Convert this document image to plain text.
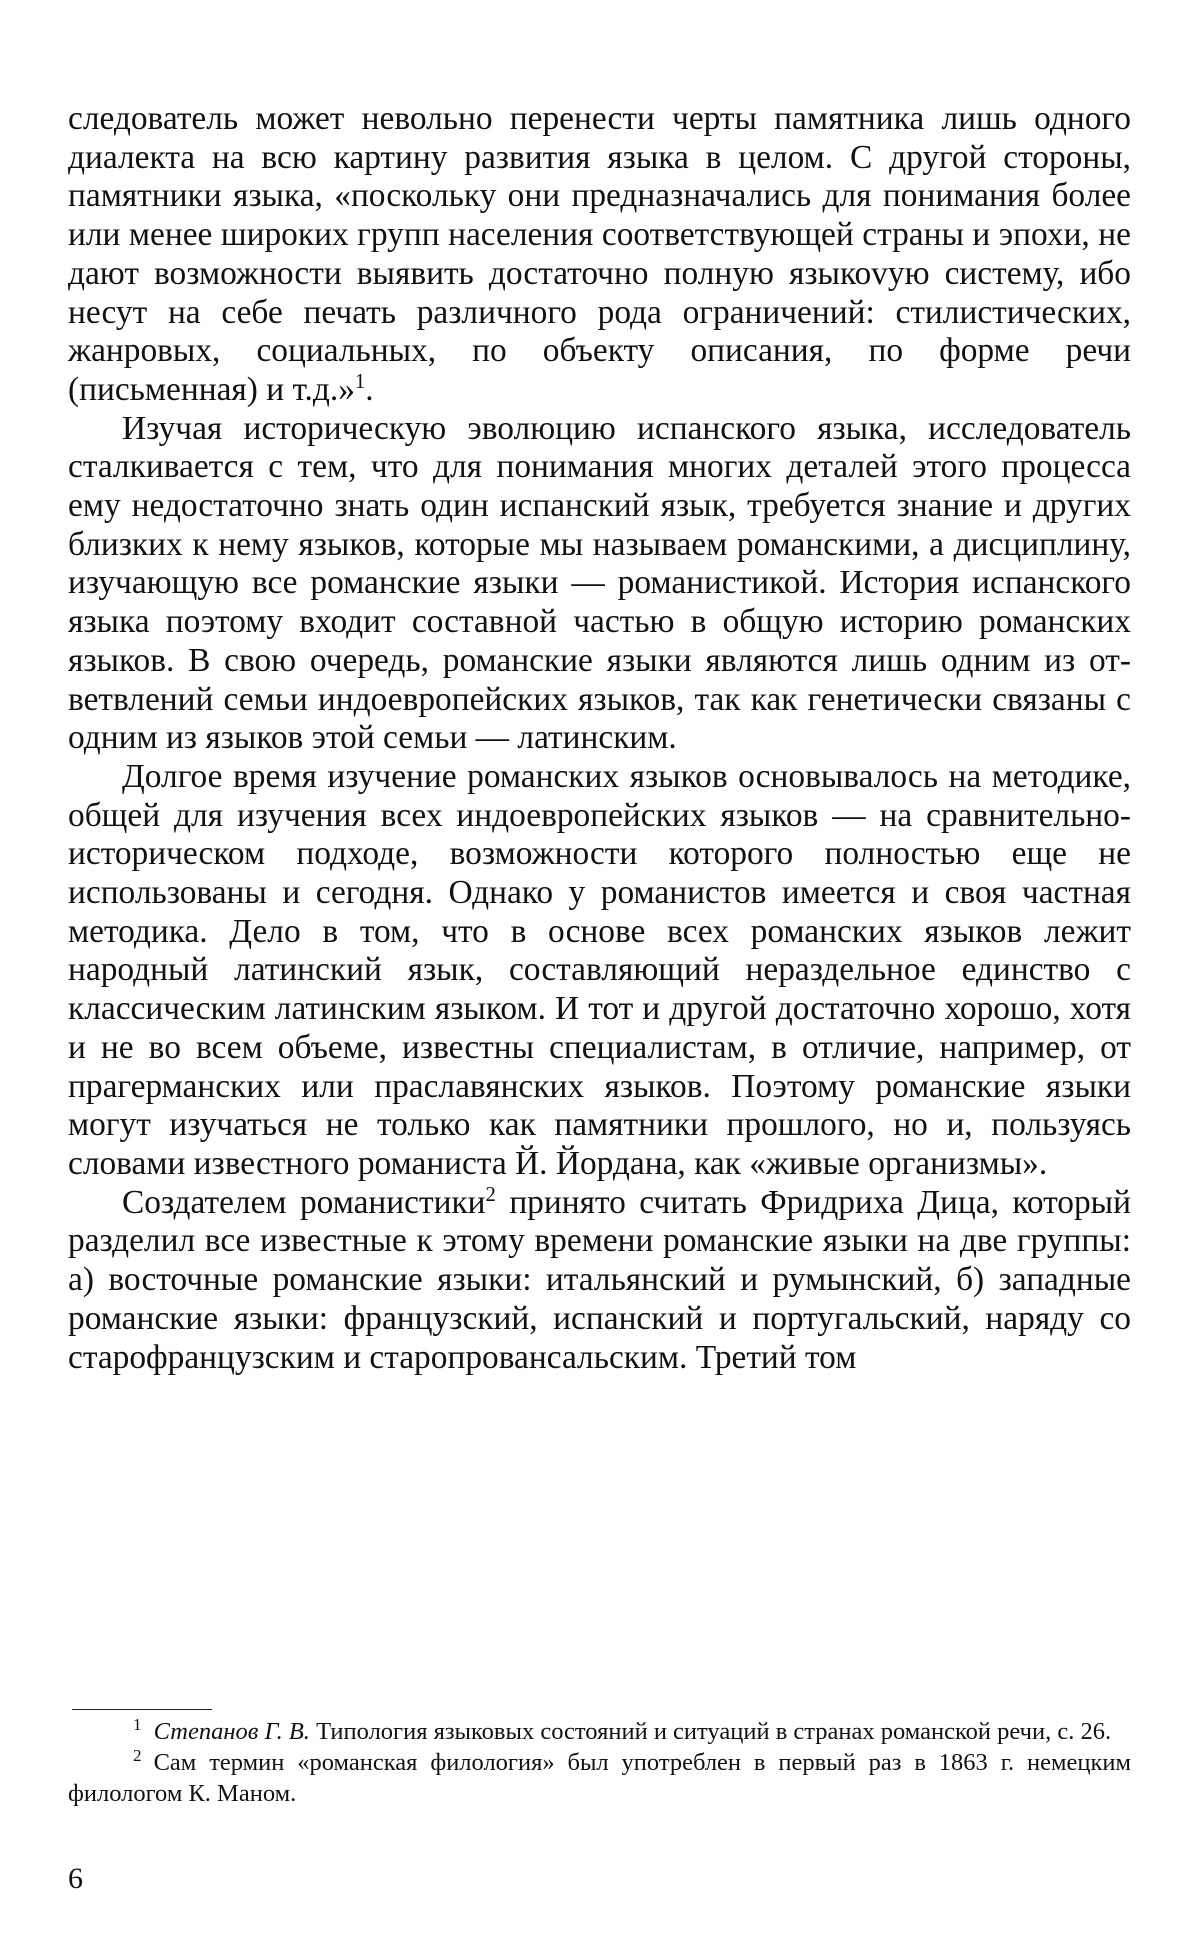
следователь может невольно перенести черты памятника лишь одного диалекта на всю картину развития языка в целом. С другой стороны, памятники языка, «поскольку они предназначались для понимания более или менее широких групп населения соответствующей страны и эпохи, не дают возможности выявить достаточно полную языкоvую систему, ибо несут на себе печать различного рода ограничений: стилистических, жанровых, социальных, по объекту описания, по форме речи (письменная) и т.д.»$^1$.

Изучая историческую эволюцию испанского языка, исследователь сталкивается с тем, что для понимания многих деталей этого процесса ему недостаточно знать один испанский язык, требуется знание и других близких к нему языков, которые мы называем романскими, а дисциплину, изучающую все романские языки — романистикой. История испанского языка поэтому входит составной частью в общую историю романских языков. В свою очередь, романские языки являются лишь одним из ответвлений семьи индоевропейских языков, так как генетически связаны с одним из языков этой семьи — латинским.

Долгое время изучение романских языков основывалось на методике, общей для изучения всех индоевропейских языков — на сравнительно-историческом подходе, возможности которого полностью еще не использованы и сегодня. Однако у романистов имеется и своя частная методика. Дело в том, что в основе всех романских языков лежит народный латинский язык, составляющий нераздельное единство с классическим латинским языком. И тот и другой достаточно хорошо, хотя и не во всем объеме, известны специалистам, в отличие, например, от прагерманских или праславянских языков. Поэтому романские языки могут изучаться не только как памятники прошлого, но и, пользуясь словами известного романиста Й. Йордана, как «живые организмы».

Создателем романистики$^2$ принято считать Фридриха Дица, который разделил все известные к этому времени романские языки на две группы: а) восточные романские языки: итальянский и румынский, б) западные романские языки: французский, испанский и португальский, наряду со старофранцузским и старопровансальским. Третий том

$^1$ Степанов Г. В. Типология языковых состояний и ситуаций в странах романской речи, с. 26.

$^2$ Сам термин «романская филология» был употреблен в первый раз в 1863 г. немецким филологом К. Маном.

6
